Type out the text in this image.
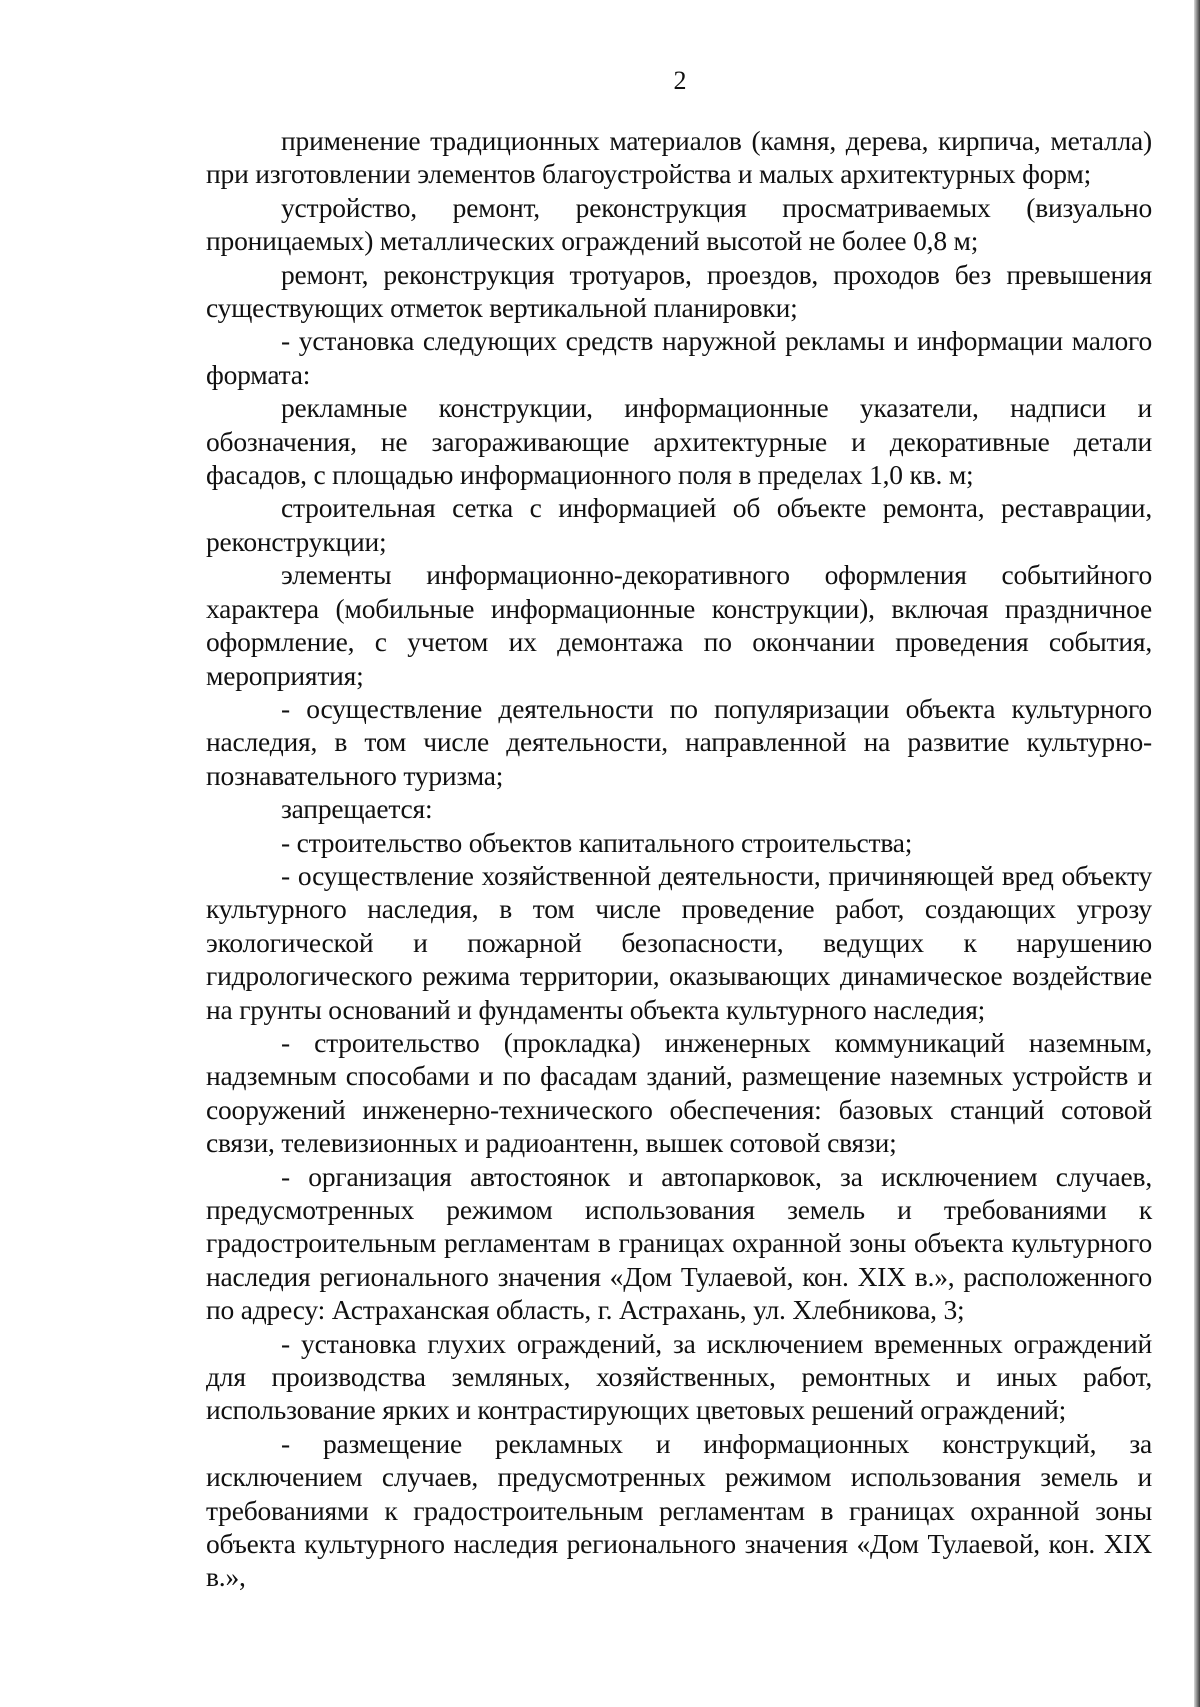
2

применение традиционных материалов (камня, дерева, кирпича, металла) при изготовлении элементов благоустройства и малых архитектурных форм;

устройство, ремонт, реконструкция просматриваемых (визуально проницаемых) металлических ограждений высотой не более 0,8 м;

ремонт, реконструкция тротуаров, проездов, проходов без превышения существующих отметок вертикальной планировки;

- установка следующих средств наружной рекламы и информации малого формата:

рекламные конструкции, информационные указатели, надписи и обозначения, не загораживающие архитектурные и декоративные детали фасадов, с площадью информационного поля в пределах 1,0 кв. м;

строительная сетка с информацией об объекте ремонта, реставрации, реконструкции;

элементы информационно-декоративного оформления событийного характера (мобильные информационные конструкции), включая праздничное оформление, с учетом их демонтажа по окончании проведения события, мероприятия;

- осуществление деятельности по популяризации объекта культурного наследия, в том числе деятельности, направленной на развитие культурно-познавательного туризма;

запрещается:

- строительство объектов капитального строительства;

- осуществление хозяйственной деятельности, причиняющей вред объекту культурного наследия, в том числе проведение работ, создающих угрозу экологической и пожарной безопасности, ведущих к нарушению гидрологического режима территории, оказывающих динамическое воздействие на грунты оснований и фундаменты объекта культурного наследия;

- строительство (прокладка) инженерных коммуникаций наземным, надземным способами и по фасадам зданий, размещение наземных устройств и сооружений инженерно-технического обеспечения: базовых станций сотовой связи, телевизионных и радиоантенн, вышек сотовой связи;

- организация автостоянок и автопарковок, за исключением случаев, предусмотренных режимом использования земель и требованиями к градостроительным регламентам в границах охранной зоны объекта культурного наследия регионального значения «Дом Тулаевой, кон. XIX в.», расположенного по адресу: Астраханская область, г. Астрахань, ул. Хлебникова, 3;

- установка глухих ограждений, за исключением временных ограждений для производства земляных, хозяйственных, ремонтных и иных работ, использование ярких и контрастирующих цветовых решений ограждений;

- размещение рекламных и информационных конструкций, за исключением случаев, предусмотренных режимом использования земель и требованиями к градостроительным регламентам в границах охранной зоны объекта культурного наследия регионального значения «Дом Тулаевой, кон. XIX в.»,
